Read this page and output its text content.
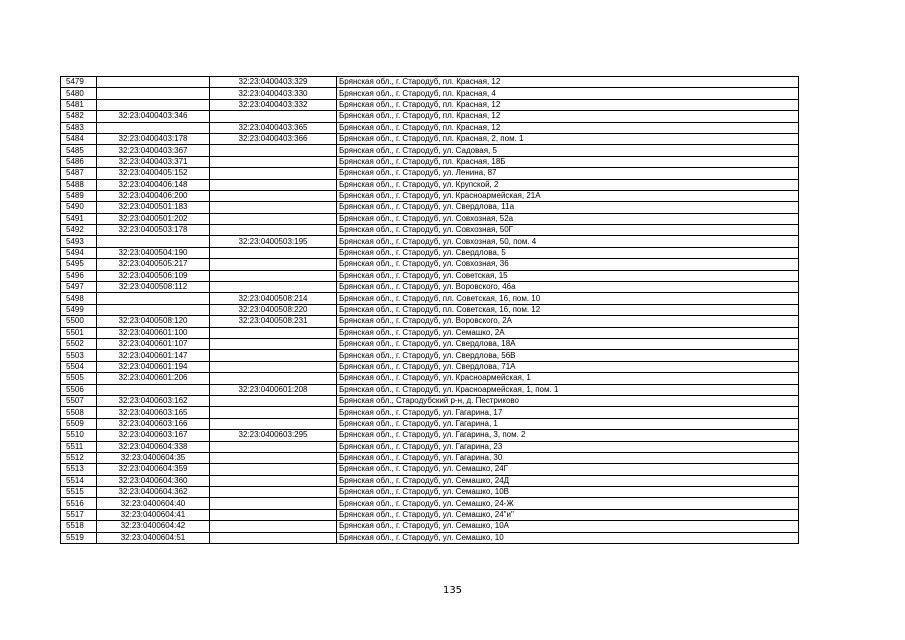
5479		32:23:0400403:329	Брянская обл., г. Стародуб, пл. Красная, 12
5480		32:23:0400403:330	Брянская обл., г. Стародуб, пл. Красная, 4
5481		32:23:0400403:332	Брянская обл., г. Стародуб, пл. Красная, 12
5482	32:23:0400403:346		Брянская обл., г. Стародуб, пл. Красная, 12
5483		32:23:0400403:365	Брянская обл., г. Стародуб, пл. Красная, 12
5484	32:23:0400403:178	32:23:0400403:366	Брянская обл., г. Стародуб, пл. Красная, 2, пом. 1
5485	32:23:0400403:367		Брянская обл., г. Стародуб, ул. Садовая, 5
5486	32:23:0400403:371		Брянская обл., г. Стародуб, пл. Красная, 18Б
5487	32:23:0400405:152		Брянская обл., г. Стародуб, ул. Ленина, 87
5488	32:23:0400406:148		Брянская обл., г. Стародуб, ул. Крупской, 2
5489	32:23:0400406:200		Брянская обл., г. Стародуб, ул. Красноармейская, 21А
5490	32:23:0400501:183		Брянская обл., г. Стародуб, ул. Свердлова, 11а
5491	32:23:0400501:202		Брянская обл., г. Стародуб, ул. Совхозная, 52а
5492	32:23:0400503:178		Брянская обл., г. Стародуб, ул. Совхозная, 50Г
5493		32:23:0400503:195	Брянская обл., г. Стародуб, ул. Совхозная, 50, пом. 4
5494	32:23:0400504:190		Брянская обл., г. Стародуб, ул. Свердлова, 5
5495	32:23:0400505:217		Брянская обл., г. Стародуб, ул. Совхозная, 36
5496	32:23:0400506:109		Брянская обл., г. Стародуб, ул. Советская, 15
5497	32:23:0400508:112		Брянская обл., г. Стародуб, ул. Воровского, 46а
5498		32:23:0400508:214	Брянская обл., г. Стародуб, пл. Советская, 16, пом. 10
5499		32:23:0400508:220	Брянская обл., г. Стародуб, пл. Советская, 16, пом. 12
5500	32:23:0400508:120	32:23:0400508:231	Брянская обл., г. Стародуб, ул. Воровского, 2А
5501	32:23:0400601:100		Брянская обл., г. Стародуб, ул. Семашко, 2А
5502	32:23:0400601:107		Брянская обл., г. Стародуб, ул. Свердлова, 18А
5503	32:23:0400601:147		Брянская обл., г. Стародуб, ул. Свердлова, 56В
5504	32:23:0400601:194		Брянская обл., г. Стародуб, ул. Свердлова, 71А
5505	32:23:0400601:206		Брянская обл., г. Стародуб, ул. Красноармейская, 1
5506		32:23:0400601:208	Брянская обл., г. Стародуб, ул. Красноармейская, 1, пом. 1
5507	32:23:0400603:162		Брянская обл., Стародубский р-н, д. Пестриково
5508	32:23:0400603:165		Брянская обл., г. Стародуб, ул. Гагарина, 17
5509	32:23:0400603:166		Брянская обл., г. Стародуб, ул. Гагарина, 1
5510	32:23:0400603:167	32:23:0400603:295	Брянская обл., г. Стародуб, ул. Гагарина, 3, пом. 2
5511	32:23:0400604:338		Брянская обл., г. Стародуб, ул. Гагарина, 23
5512	32:23:0400604:35		Брянская обл., г. Стародуб, ул. Гагарина, 30
5513	32:23:0400604:359		Брянская обл., г. Стародуб, ул. Семашко, 24Г
5514	32:23:0400604:360		Брянская обл., г. Стародуб, ул. Семашко, 24Д
5515	32:23:0400604:362		Брянская обл., г. Стародуб, ул. Семашко, 10В
5516	32:23:0400604:40		Брянская обл., г. Стародуб, ул. Семашко, 24-Ж
5517	32:23:0400604:41		Брянская обл., г. Стародуб, ул. Семашко, 24"и"
5518	32:23:0400604:42		Брянская обл., г. Стародуб, ул. Семашко, 10А
5519	32:23:0400604:51		Брянская обл., г. Стародуб, ул. Семашко, 10
135
